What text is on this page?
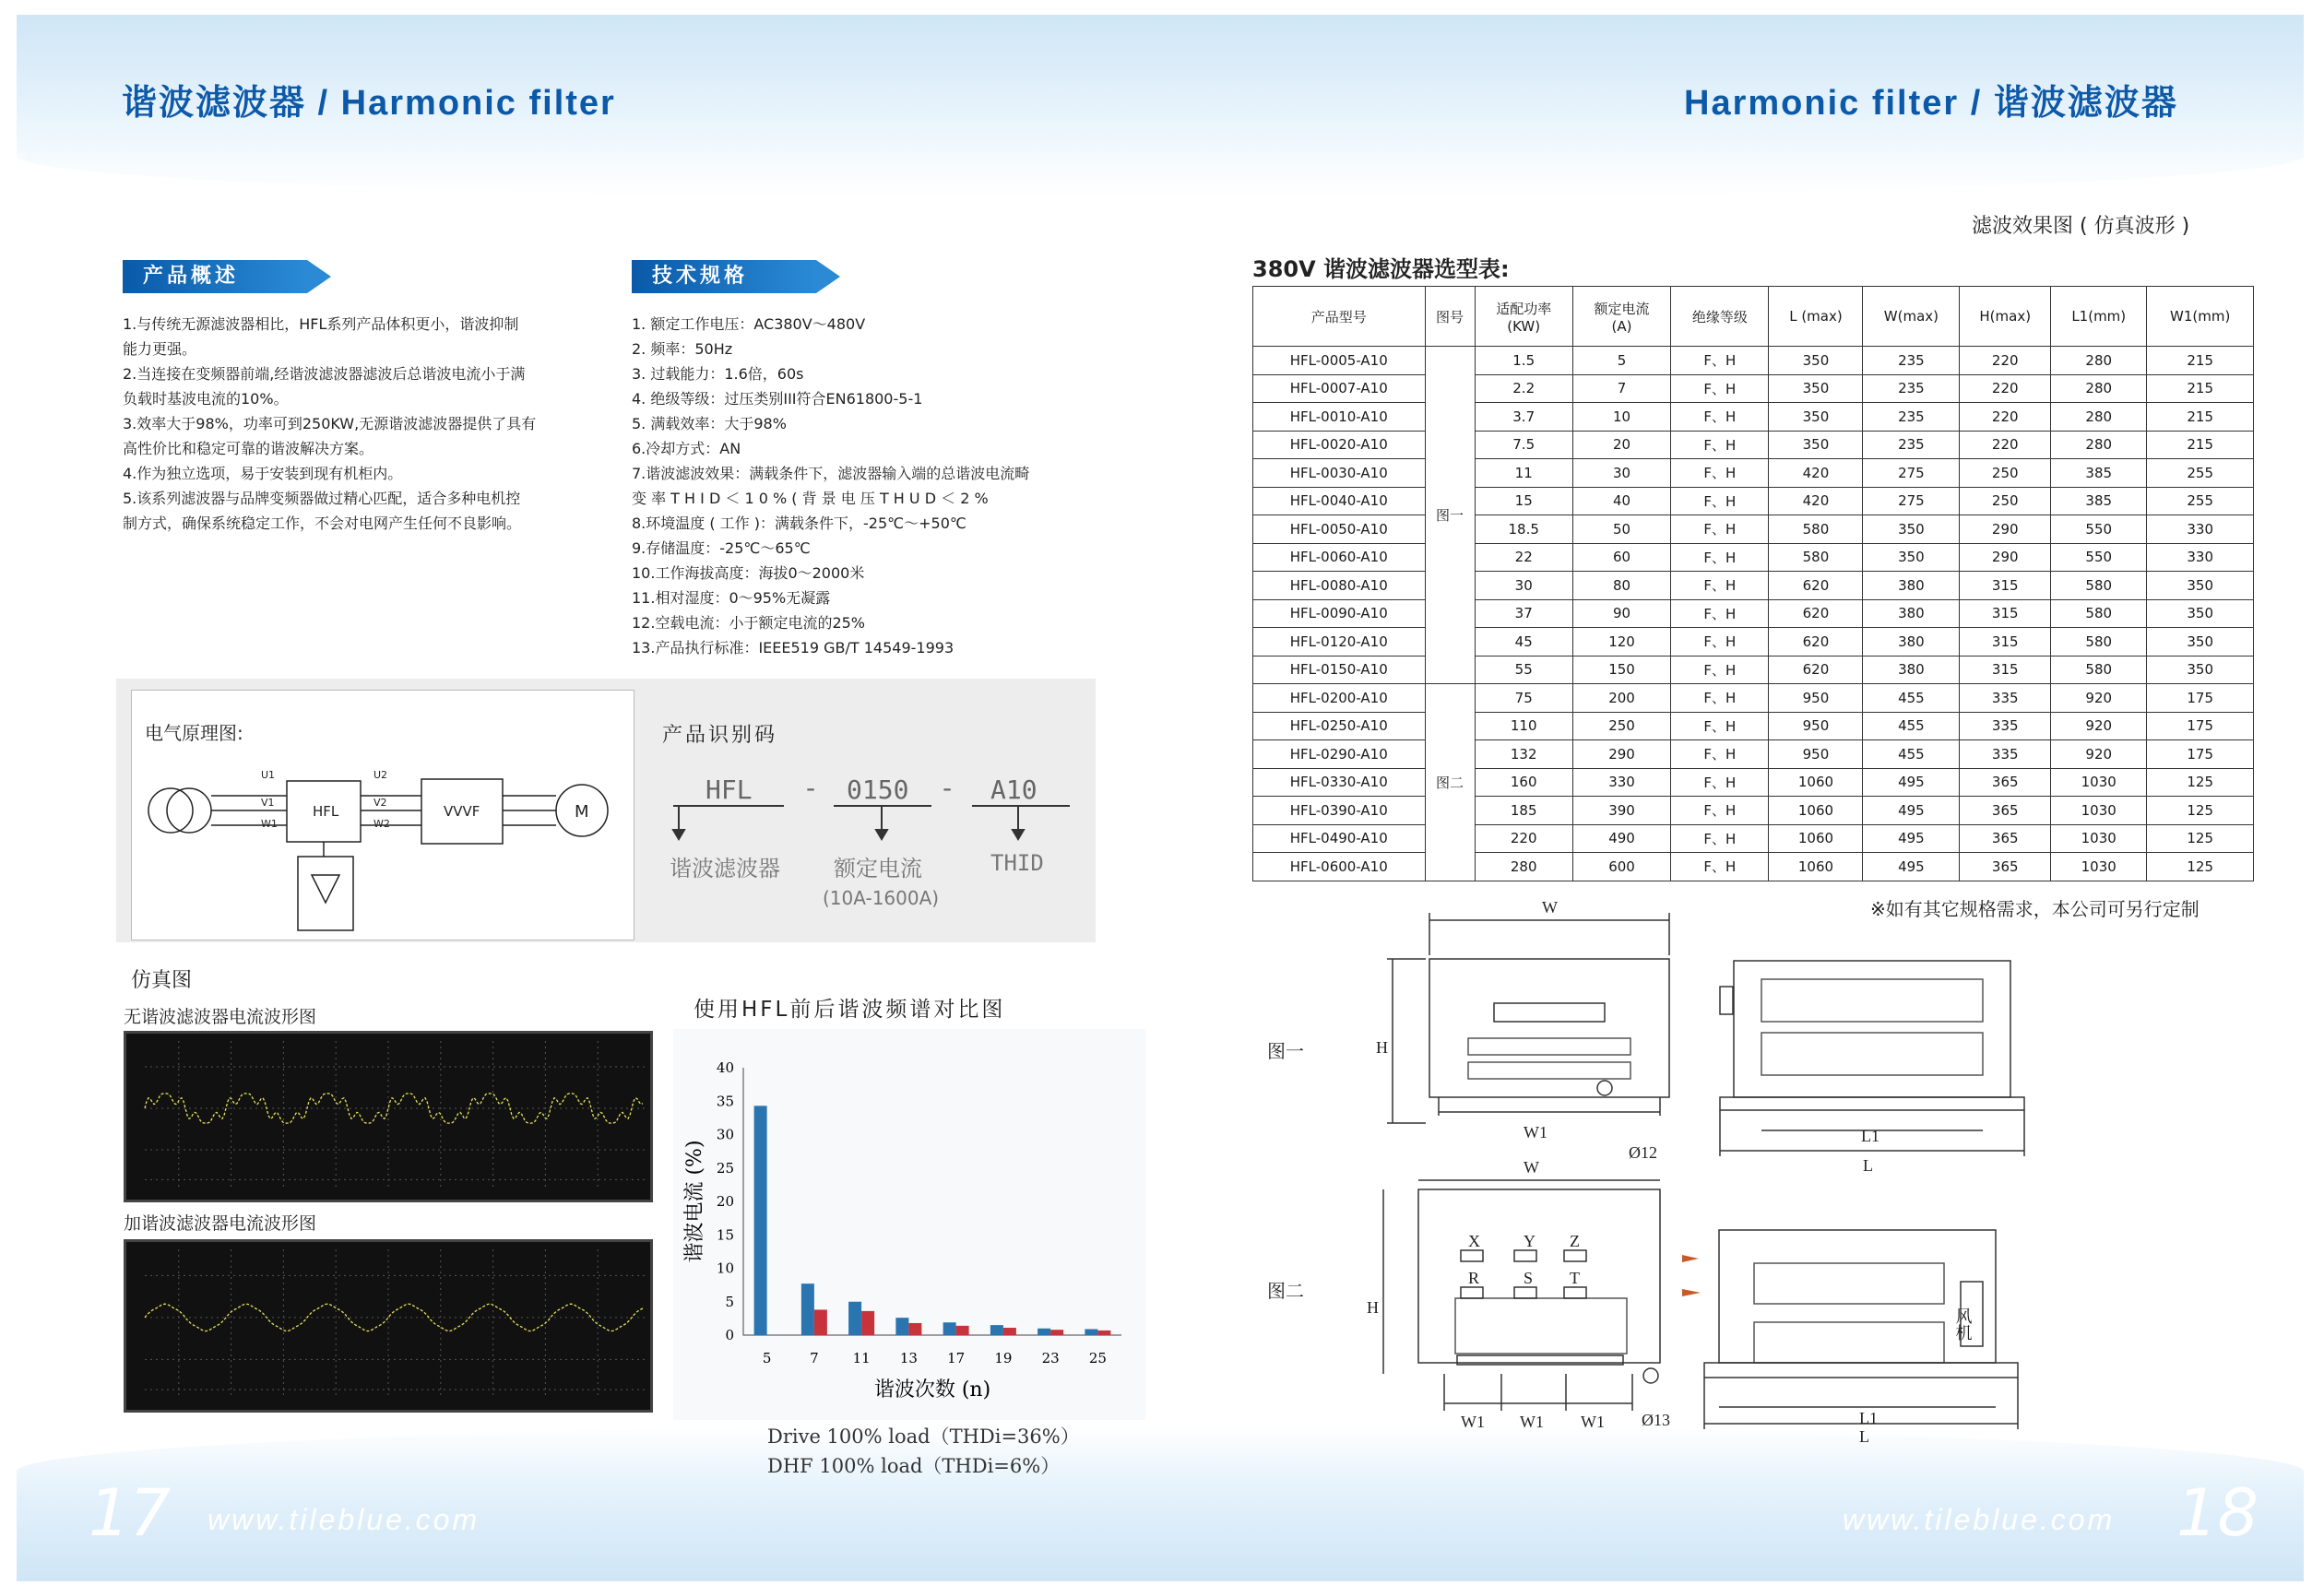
谐波滤波器 / Harmonic filter	Harmonic filter / 谐波滤波器
产品概述
1.与传统无源滤波器相比，HFL系列产品体积更小，谐波抑制
能力更强。
2.当连接在变频器前端,经谐波滤波器滤波后总谐波电流小于满
负载时基波电流的10%。
3.效率大于98%，功率可到250KW,无源谐波滤波器提供了具有
高性价比和稳定可靠的谐波解决方案。
4.作为独立选项，易于安装到现有机柜内。
5.该系列滤波器与品牌变频器做过精心匹配，适合多种电机控
制方式，确保系统稳定工作，不会对电网产生任何不良影响。
技术规格
1. 额定工作电压：AC380V～480V
2. 频率：50Hz
3. 过载能力：1.6倍，60s
4. 绝级等级：过压类别III符合EN61800-5-1
5. 满载效率：大于98%
6.冷却方式：AN
7.谐波滤波效果：满载条件下，滤波器输入端的总谐波电流畸
变 率 T H I D ＜ 1 0 % ( 背 景 电 压 T H U D ＜ 2 %
8.环境温度 ( 工作 )：满载条件下，-25℃～+50℃
9.存储温度：-25℃～65℃
10.工作海拔高度：海拔0～2000米
11.相对湿度：0～95%无凝露
12.空载电流：小于额定电流的25%
13.产品执行标准：IEEE519 GB/T 14549-1993
电气原理图:
U1
V1
W1
U2
V2
W2
HFL	VVVF	M
产品识别码
HFL - 0150 - A10
谐波滤波器 额定电流
(10A-1600A)
THID
仿真图
无谐波滤波器电流波形图
加谐波滤波器电流波形图
使用HFL前后谐波频谱对比图
0
5
10
15
20
25
30
35
40
5	7 11 13 17 19 23 25
谐波次数 (n)
谐波电流 (%)
Drive 100% load（THDi=36%）
DHF 100% load（THDi=6%）
滤波效果图 ( 仿真波形 )
380V 谐波滤波器选型表:
产品型号	图号	适配功率
(KW)	额定电流
(A)	绝缘等级	L (max)	W(max)	H(max)	L1(mm)	W1(mm)
HFL-0005-A10	图一	1.5	5	F、H	350	235	220	280	215
HFL-0007-A10		2.2	7	F、H	350	235	220	280	215
HFL-0010-A10		3.7	10	F、H	350	235	220	280	215
HFL-0020-A10		7.5	20	F、H	350	235	220	280	215
HFL-0030-A10		11	30	F、H	420	275	250	385	255
HFL-0040-A10		15	40	F、H	420	275	250	385	255
HFL-0050-A10		18.5	50	F、H	580	350	290	550	330
HFL-0060-A10		22	60	F、H	580	350	290	550	330
HFL-0080-A10		30	80	F、H	620	380	315	580	350
HFL-0090-A10		37	90	F、H	620	380	315	580	350
HFL-0120-A10		45	120	F、H	620	380	315	580	350
HFL-0150-A10		55	150	F、H	620	380	315	580	350
HFL-0200-A10	图二	75	200	F、H	950	455	335	920	175
HFL-0250-A10		110	250	F、H	950	455	335	920	175
HFL-0290-A10		132	290	F、H	950	455	335	920	175
HFL-0330-A10		160	330	F、H	1060	495	365	1030	125
HFL-0390-A10		185	390	F、H	1060	495	365	1030	125
HFL-0490-A10		220	490	F、H	1060	495	365	1030	125
HFL-0600-A10		280	600	F、H	1060	495	365	1030	125
※如有其它规格需求，本公司可另行定制
图一
图二
W
H
W1
Ø12
L
L1
W
H
W1 W1 W1 Ø13	L1
L
X	Y Z
R	S T
风机
17 www.tileblue.com	www.tileblue.com 18
